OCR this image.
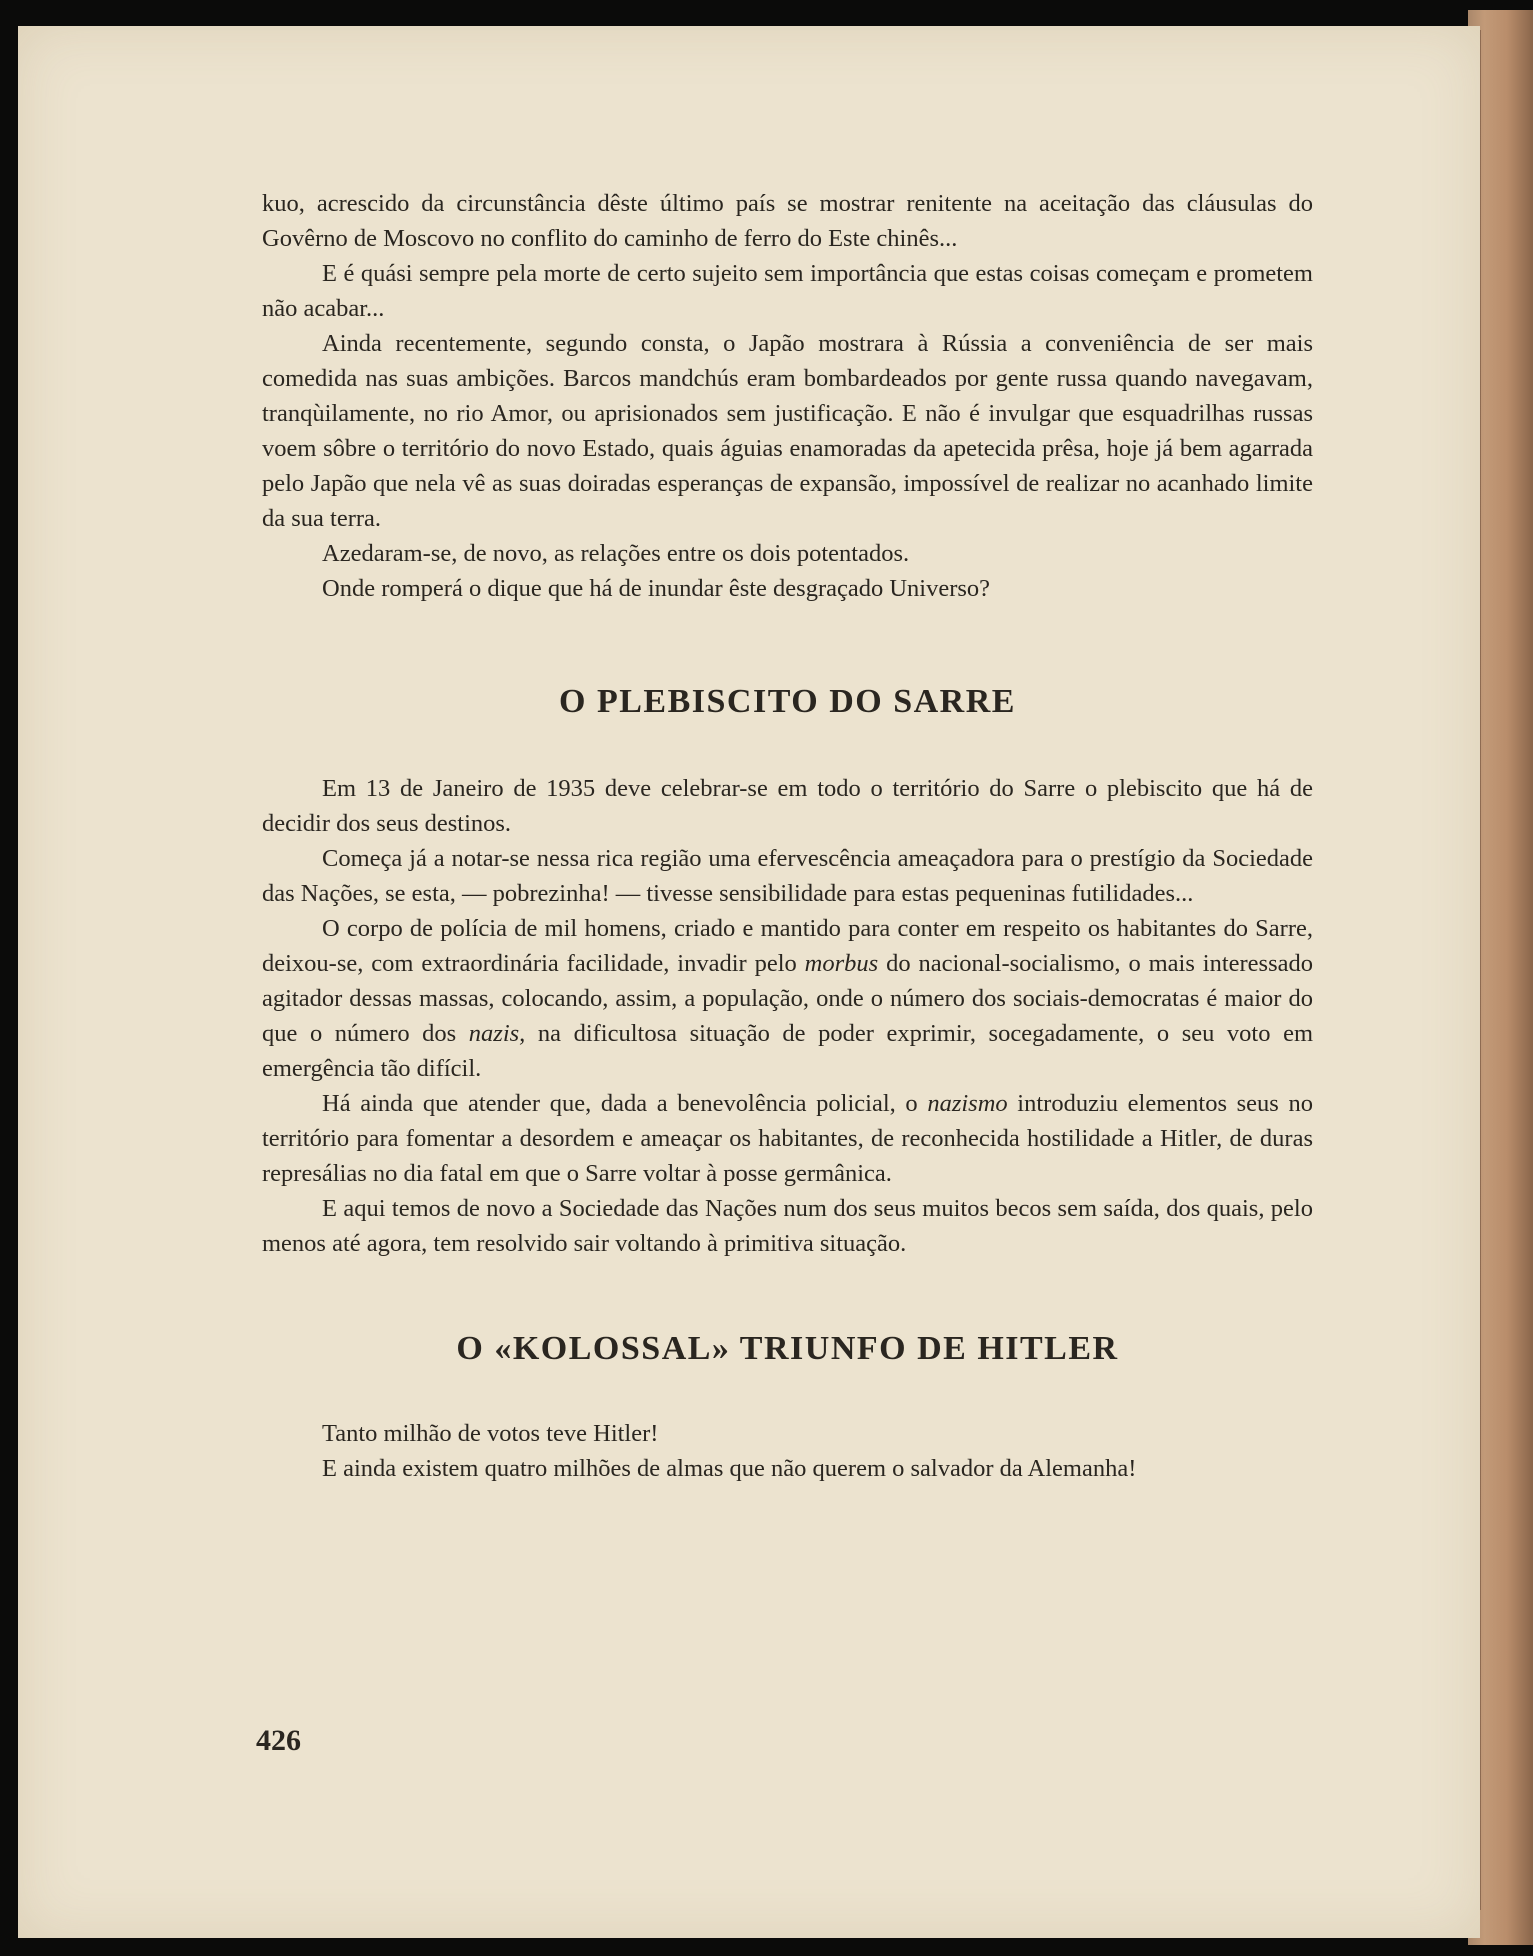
kuo, acrescido da circunstância dêste último país se mostrar renitente na aceitação das cláusulas do Govêrno de Moscovo no conflito do caminho de ferro do Este chinês...

E é quási sempre pela morte de certo sujeito sem importância que estas coisas começam e prometem não acabar...

Ainda recentemente, segundo consta, o Japão mostrara à Rússia a conveniência de ser mais comedida nas suas ambições. Barcos mandchús eram bombardeados por gente russa quando navegavam, tranqùilamente, no rio Amor, ou aprisionados sem justificação. E não é invulgar que esquadrilhas russas voem sôbre o território do novo Estado, quais águias enamoradas da apetecida prêsa, hoje já bem agarrada pelo Japão que nela vê as suas doiradas esperanças de expansão, impossível de realizar no acanhado limite da sua terra.

Azedaram-se, de novo, as relações entre os dois potentados.

Onde romperá o dique que há de inundar êste desgraçado Universo?

O PLEBISCITO DO SARRE

Em 13 de Janeiro de 1935 deve celebrar-se em todo o território do Sarre o plebiscito que há de decidir dos seus destinos.

Começa já a notar-se nessa rica região uma efervescência ameaçadora para o prestígio da Sociedade das Nações, se esta, — pobrezinha! — tivesse sensibilidade para estas pequeninas futilidades...

O corpo de polícia de mil homens, criado e mantido para conter em respeito os habitantes do Sarre, deixou-se, com extraordinária facilidade, invadir pelo morbus do nacional-socialismo, o mais interessado agitador dessas massas, colocando, assim, a população, onde o número dos sociais-democratas é maior do que o número dos nazis, na dificultosa situação de poder exprimir, socegadamente, o seu voto em emergência tão difícil.

Há ainda que atender que, dada a benevolência policial, o nazismo introduziu elementos seus no território para fomentar a desordem e ameaçar os habitantes, de reconhecida hostilidade a Hitler, de duras represálias no dia fatal em que o Sarre voltar à posse germânica.

E aqui temos de novo a Sociedade das Nações num dos seus muitos becos sem saída, dos quais, pelo menos até agora, tem resolvido sair voltando à primitiva situação.

O «KOLOSSAL» TRIUNFO DE HITLER

Tanto milhão de votos teve Hitler!

E ainda existem quatro milhões de almas que não querem o salvador da Alemanha!

426
